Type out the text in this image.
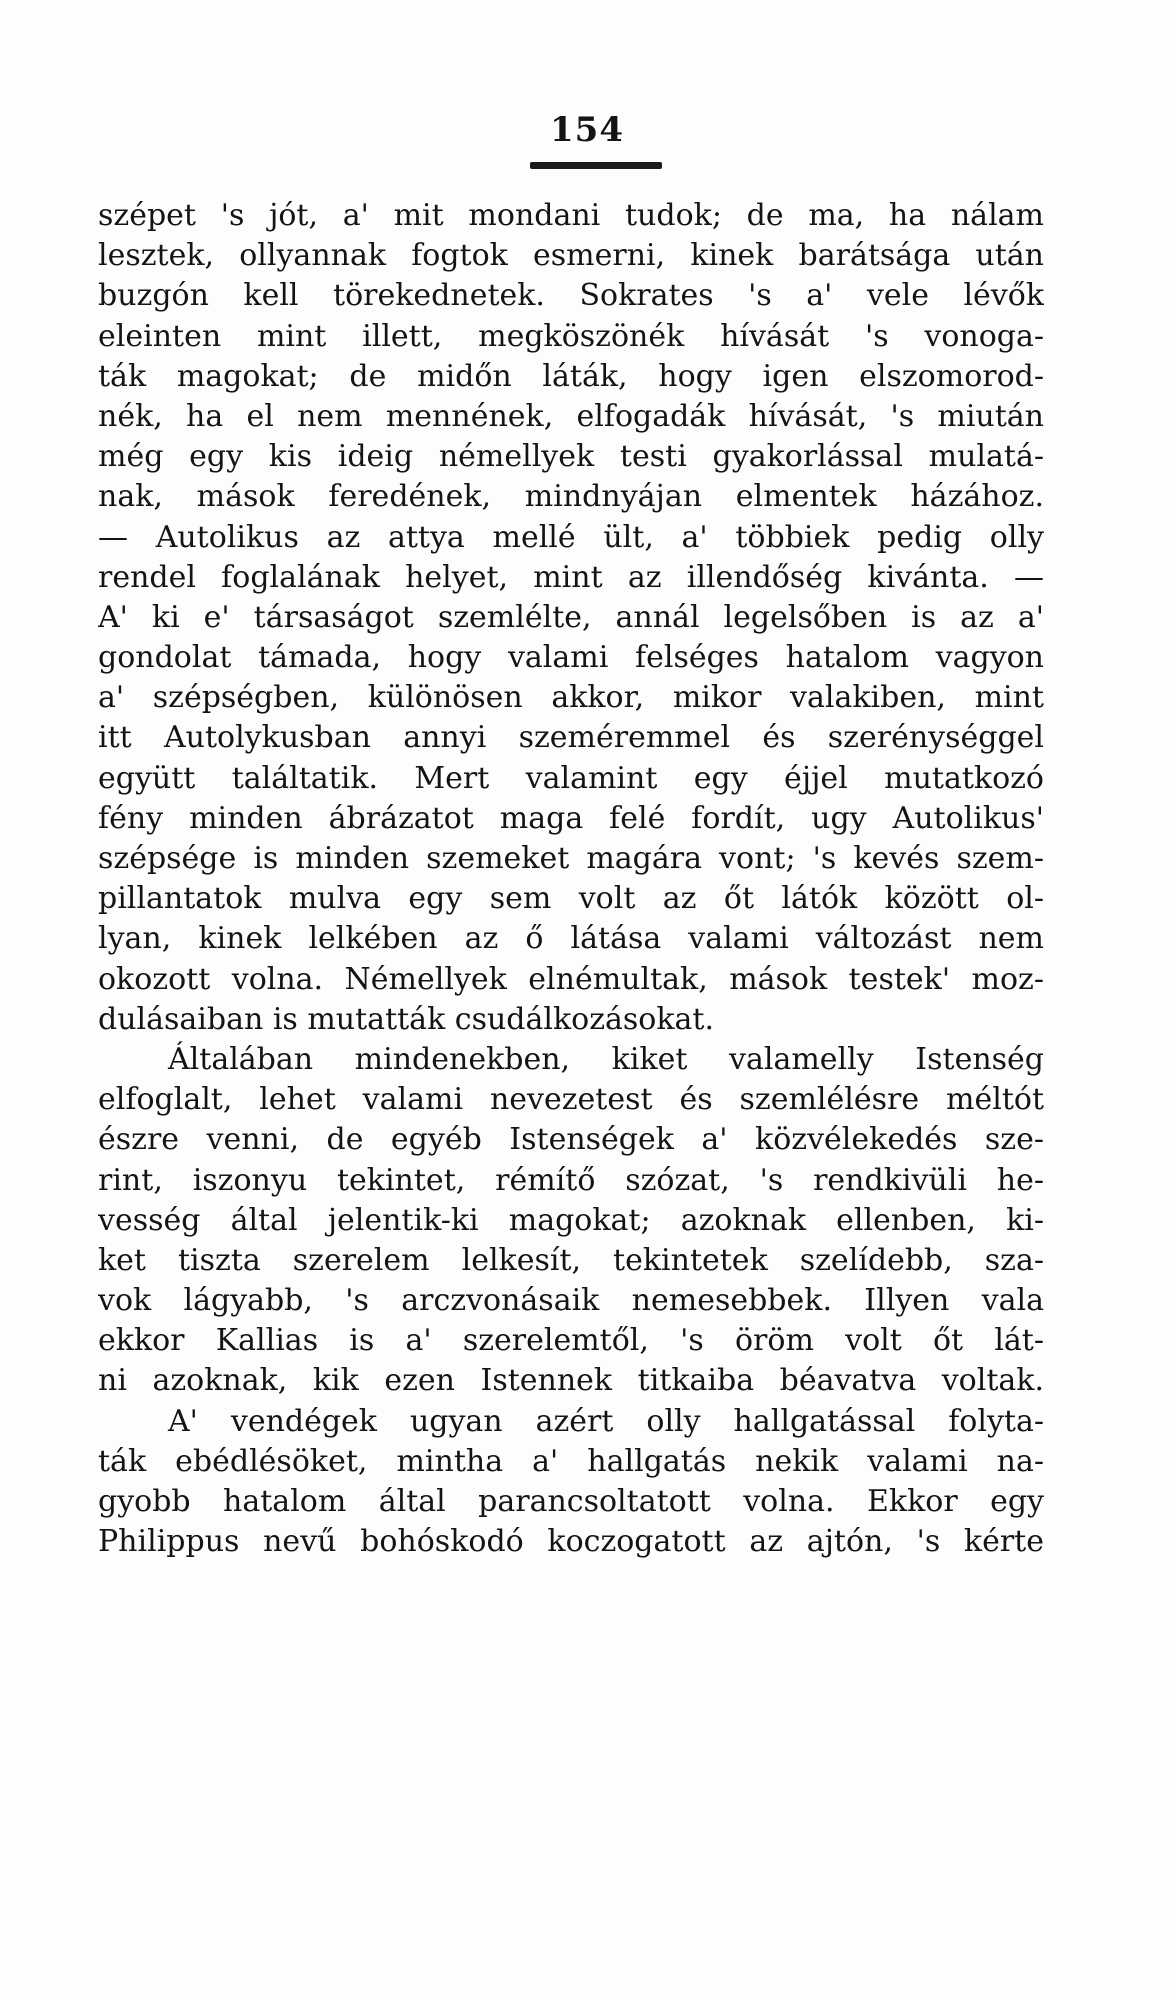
154
szépet 's jót, a' mit mondani tudok; de ma, ha nálam
lesztek, ollyannak fogtok esmerni, kinek barátsága után
buzgón kell törekednetek. Sokrates 's a' vele lévők
eleinten mint illett, megköszönék hívását 's vonoga-
ták magokat; de midőn láták, hogy igen elszomorod-
nék, ha el nem mennének, elfogadák hívását, 's miután
még egy kis ideig némellyek testi gyakorlással mulatá-
nak, mások feredének, mindnyájan elmentek házához.
— Autolikus az attya mellé ült, a' többiek pedig olly
rendel foglalának helyet, mint az illendőség kivánta. —
A' ki e' társaságot szemlélte, annál legelsőben is az a'
gondolat támada, hogy valami felséges hatalom vagyon
a' szépségben, különösen akkor, mikor valakiben, mint
itt Autolykusban annyi szeméremmel és szerénységgel
együtt találtatik. Mert valamint egy éjjel mutatkozó
fény minden ábrázatot maga felé fordít, ugy Autolikus'
szépsége is minden szemeket magára vont; 's kevés szem-
pillantatok mulva egy sem volt az őt látók között ol-
lyan, kinek lelkében az ő látása valami változást nem
okozott volna. Némellyek elnémultak, mások testek' moz-
dulásaiban is mutatták csudálkozásokat.
Általában mindenekben, kiket valamelly Istenség
elfoglalt, lehet valami nevezetest és szemlélésre méltót
észre venni, de egyéb Istenségek a' közvélekedés sze-
rint, iszonyu tekintet, rémítő szózat, 's rendkivüli he-
vesség által jelentik-ki magokat; azoknak ellenben, ki-
ket tiszta szerelem lelkesít, tekintetek szelídebb, sza-
vok lágyabb, 's arczvonásaik nemesebbek. Illyen vala
ekkor Kallias is a' szerelemtől, 's öröm volt őt lát-
ni azoknak, kik ezen Istennek titkaiba béavatva voltak.
A' vendégek ugyan azért olly hallgatással folyta-
ták ebédlésöket, mintha a' hallgatás nekik valami na-
gyobb hatalom által parancsoltatott volna. Ekkor egy
Philippus nevű bohóskodó koczogatott az ajtón, 's kérte
